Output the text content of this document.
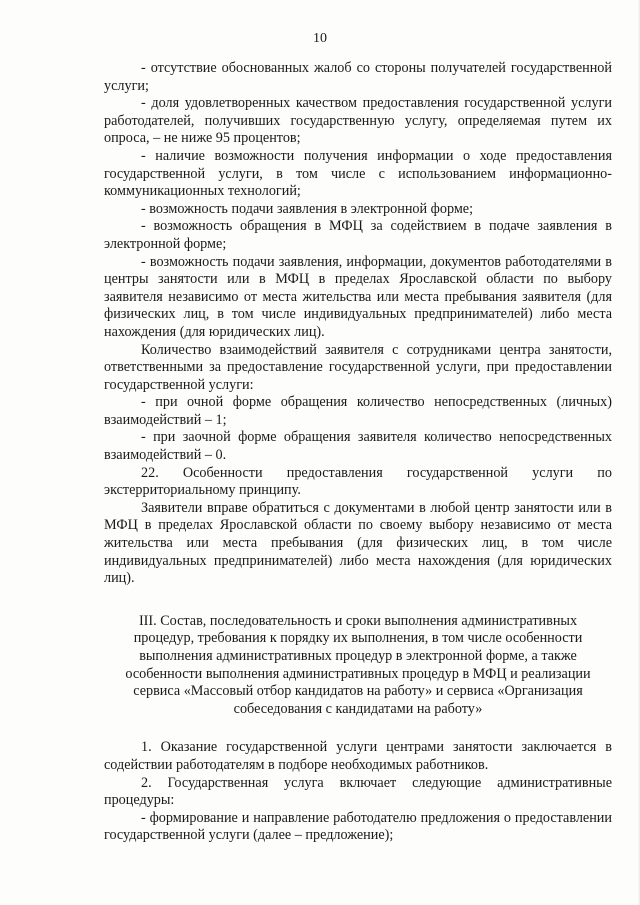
10

- отсутствие обоснованных жалоб со стороны получателей государственной услуги;

- доля удовлетворенных качеством предоставления государственной услуги работодателей, получивших государственную услугу, определяемая путем их опроса, – не ниже 95 процентов;

- наличие возможности получения информации о ходе предоставления государственной услуги, в том числе с использованием информационно-коммуникационных технологий;

- возможность подачи заявления в электронной форме;

- возможность обращения в МФЦ за содействием в подаче заявления в электронной форме;

- возможность подачи заявления, информации, документов работодателями в центры занятости или в МФЦ в пределах Ярославской области по выбору заявителя независимо от места жительства или места пребывания заявителя (для физических лиц, в том числе индивидуальных предпринимателей) либо места нахождения (для юридических лиц).

Количество взаимодействий заявителя с сотрудниками центра занятости, ответственными за предоставление государственной услуги, при предоставлении государственной услуги:

- при очной форме обращения количество непосредственных (личных) взаимодействий – 1;

- при заочной форме обращения заявителя количество непосредственных взаимодействий – 0.

22. Особенности предоставления государственной услуги по экстерриториальному принципу.

Заявители вправе обратиться с документами в любой центр занятости или в МФЦ в пределах Ярославской области по своему выбору независимо от места жительства или места пребывания (для физических лиц, в том числе индивидуальных предпринимателей) либо места нахождения (для юридических лиц).

III. Состав, последовательность и сроки выполнения административных процедур, требования к порядку их выполнения, в том числе особенности выполнения административных процедур в электронной форме, а также особенности выполнения административных процедур в МФЦ и реализации сервиса «Массовый отбор кандидатов на работу» и сервиса «Организация собеседования с кандидатами на работу»

1. Оказание государственной услуги центрами занятости заключается в содействии работодателям в подборе необходимых работников.

2. Государственная услуга включает следующие административные процедуры:

- формирование и направление работодателю предложения о предоставлении государственной услуги (далее – предложение);
